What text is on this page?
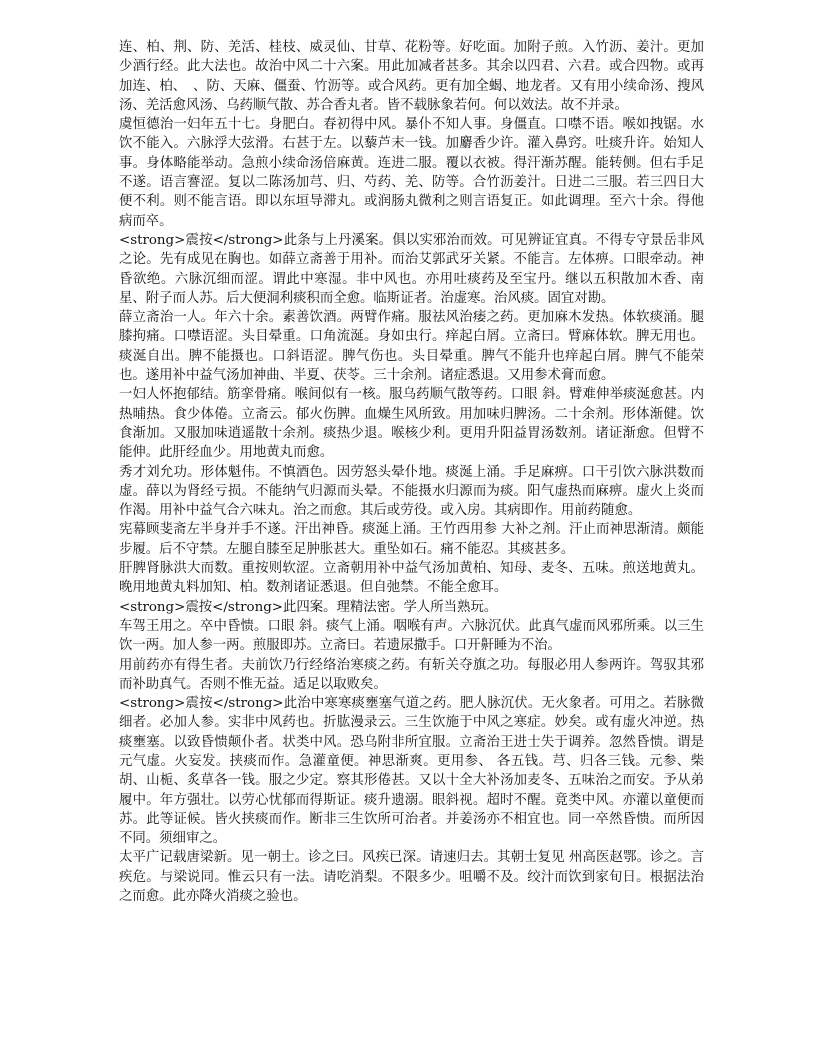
连、柏、荆、防、羌活、桂枝、威灵仙、甘草、花粉等。好吃面。加附子煎。入竹沥、姜汁。更加少酒行经。此大法也。故治中风二十六案。用此加减者甚多。其余以四君、六君。或合四物。或再加连、柏、　、防、天麻、僵蚕、竹沥等。或合风药。更有加全蝎、地龙者。又有用小续命汤、搜风汤、羌活愈风汤、乌药顺气散、苏合香丸者。皆不载脉象若何。何以效法。故不并录。

虞恒德治一妇年五十七。身肥白。春初得中风。暴仆不知人事。身僵直。口噤不语。喉如拽锯。水饮不能入。六脉浮大弦滑。右甚于左。以藜芦末一钱。加麝香少许。灌入鼻窍。吐痰升许。始知人事。身体略能举动。急煎小续命汤倍麻黄。连进二服。覆以衣被。得汗渐苏醒。能转侧。但右手足不遂。语言謇涩。复以二陈汤加芎、归、芍药、羌、防等。合竹沥姜汁。日进二三服。若三四日大便不利。则不能言语。即以东垣导滞丸。或润肠丸微利之则言语复正。如此调理。至六十余。得他病而卒。

<strong>震按</strong>此条与上丹溪案。俱以实邪治而效。可见辨证宜真。不得专守景岳非风之论。先有成见在胸也。如薛立斋善于用补。而治艾郭武牙关紧。不能言。左体痹。口眼牵动。神昏欲绝。六脉沉细而涩。谓此中寒湿。非中风也。亦用吐痰药及至宝丹。继以五积散加木香、南星、附子而人苏。后大便洞利痰积而全愈。临斯证者。治虚寒。治风痰。固宜对勘。

薛立斋治一人。年六十余。素善饮酒。两臂作痛。服祛风治痿之药。更加麻木发热。体软痰涌。腿膝拘痛。口噤语涩。头目晕重。口角流涎。身如虫行。痒起白屑。立斋曰。臂麻体软。脾无用也。痰涎自出。脾不能摄也。口斜语涩。脾气伤也。头目晕重。脾气不能升也痒起白屑。脾气不能荣也。遂用补中益气汤加神曲、半夏、茯苓。三十余剂。诸症悉退。又用参术膏而愈。

一妇人怀抱郁结。筋挛骨痛。喉间似有一核。服乌药顺气散等药。口眼 斜。臂难伸举痰涎愈甚。内热晡热。食少体倦。立斋云。郁火伤脾。血燥生风所致。用加味归脾汤。二十余剂。形体渐健。饮食渐加。又服加味逍遥散十余剂。痰热少退。喉核少利。更用升阳益胃汤数剂。诸证渐愈。但臂不能伸。此肝经血少。用地黄丸而愈。

秀才刘允功。形体魁伟。不慎酒色。因劳怒头晕仆地。痰涎上涌。手足麻痹。口干引饮六脉洪数而虚。薛以为肾经亏损。不能纳气归源而头晕。不能摄水归源而为痰。阳气虚热而麻痹。虚火上炎而作渴。用补中益气合六味丸。治之而愈。其后或劳役。或入房。其病即作。用前药随愈。

宪幕顾斐斋左半身并手不遂。汗出神昏。痰涎上涌。王竹西用参 大补之剂。汗止而神思渐清。颇能步履。后不守禁。左腿自膝至足肿胀甚大。重坠如石。痛不能忍。其痰甚多。

肝脾肾脉洪大而数。重按则软涩。立斋朝用补中益气汤加黄柏、知母、麦冬、五味。煎送地黄丸。晚用地黄丸料加知、柏。数剂诸证悉退。但自弛禁。不能全愈耳。

<strong>震按</strong>此四案。理精法密。学人所当熟玩。

车驾王用之。卒中昏愦。口眼 斜。痰气上涌。咽喉有声。六脉沉伏。此真气虚而风邪所乘。以三生饮一两。加人参一两。煎服即苏。立斋曰。若遗尿撒手。口开鼾睡为不治。

用前药亦有得生者。夫前饮乃行经络治寒痰之药。有斩关夺旗之功。每服必用人参两许。驾驭其邪而补助真气。否则不惟无益。适足以取败矣。

<strong>震按</strong>此治中寒寒痰壅塞气道之药。肥人脉沉伏。无火象者。可用之。若脉微细者。必加人参。实非中风药也。折肱漫录云。三生饮施于中风之寒症。妙矣。或有虚火冲逆。热痰壅塞。以致昏愦颠仆者。状类中风。恐乌附非所宜服。立斋治王进士失于调养。忽然昏愦。谓是元气虚。火妄发。挟痰而作。急灌童便。神思渐爽。更用参、 各五钱。芎、归各三钱。元参、柴胡、山栀、炙草各一钱。服之少定。察其形倦甚。又以十全大补汤加麦冬、五味治之而安。予从弟履中。年方强壮。以劳心忧郁而得斯证。痰升遗溺。眼斜视。超时不醒。竟类中风。亦灌以童便而苏。此等证候。皆火挟痰而作。断非三生饮所可治者。并姜汤亦不相宜也。同一卒然昏愦。而所因不同。须细审之。

太平广记载唐梁新。见一朝士。诊之曰。风疾已深。请速归去。其朝士复见 州高医赵鄂。诊之。言疾危。与梁说同。惟云只有一法。请吃消梨。不限多少。咀嚼不及。绞汁而饮到家旬日。根据法治之而愈。此亦降火消痰之验也。
